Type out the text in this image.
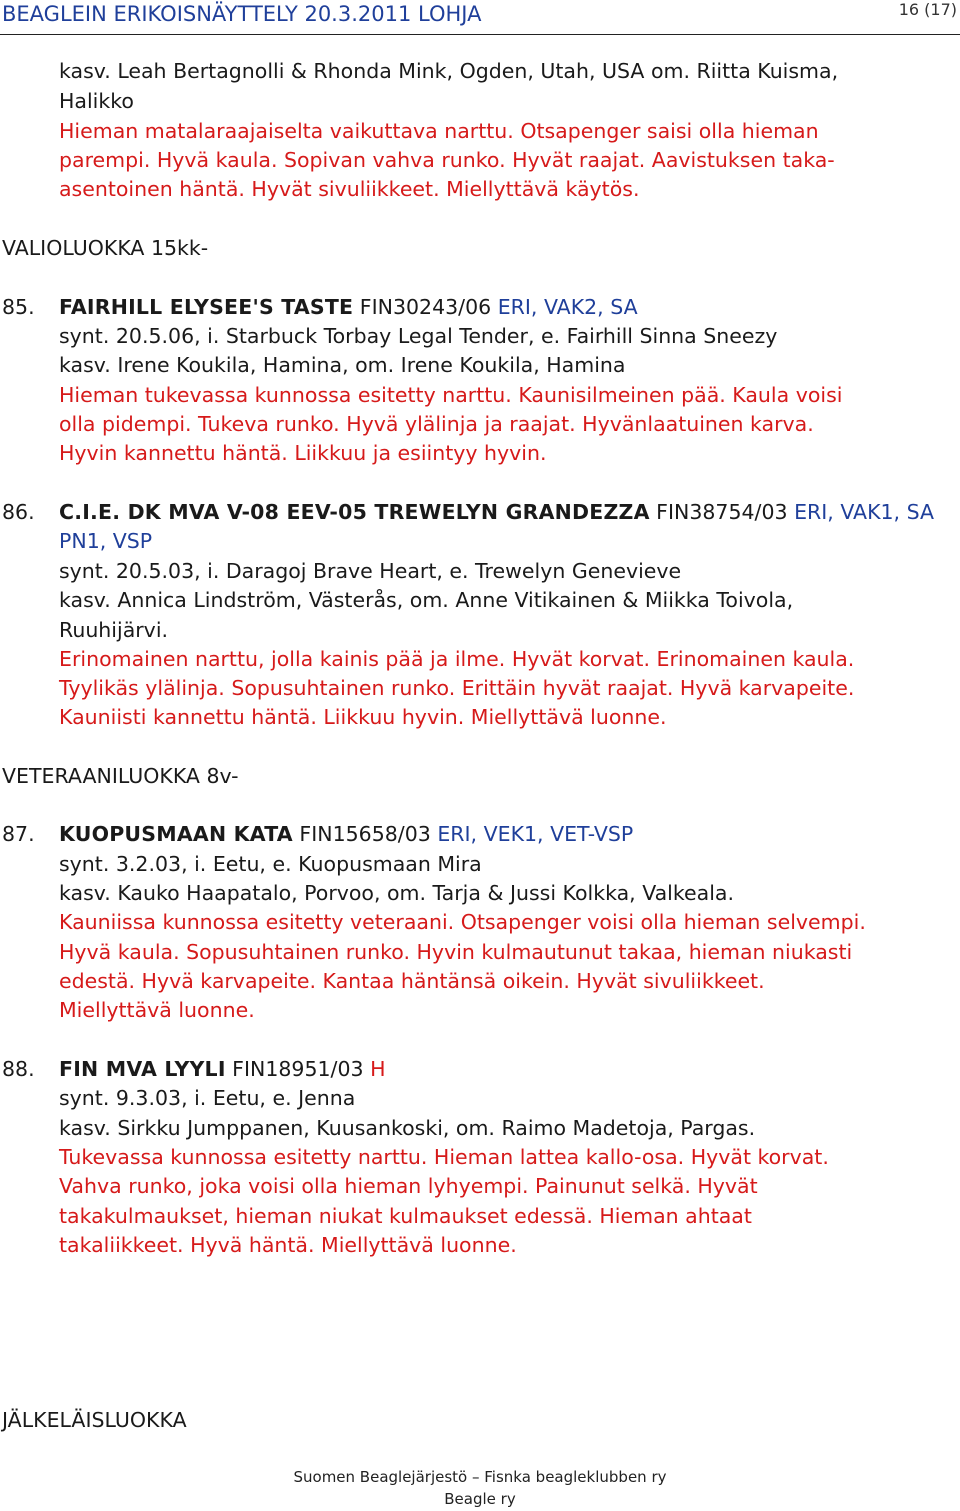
BEAGLEIN ERIKOISNÄYTTELY 20.3.2011 LOHJA	16 (17)
kasv. Leah Bertagnolli & Rhonda Mink, Ogden, Utah, USA om. Riitta Kuisma,
Halikko
Hieman matalaraajaiselta vaikuttava narttu. Otsapenger saisi olla hieman
parempi. Hyvä kaula. Sopivan vahva runko. Hyvät raajat. Aavistuksen taka-
asentoinen häntä. Hyvät sivuliikkeet. Miellyttävä käytös.
VALIOLUOKKA 15kk-
85. FAIRHILL ELYSEE'S TASTE FIN30243/06 ERI, VAK2, SA
synt. 20.5.06, i. Starbuck Torbay Legal Tender, e. Fairhill Sinna Sneezy
kasv. Irene Koukila, Hamina, om. Irene Koukila, Hamina
Hieman tukevassa kunnossa esitetty narttu. Kaunisilmeinen pää. Kaula voisi
olla pidempi. Tukeva runko. Hyvä ylälinja ja raajat. Hyvänlaatuinen karva.
Hyvin kannettu häntä. Liikkuu ja esiintyy hyvin.
86. C.I.E. DK MVA V-08 EEV-05 TREWELYN GRANDEZZA FIN38754/03 ERI, VAK1, SA
PN1, VSP
synt. 20.5.03, i. Daragoj Brave Heart, e. Trewelyn Genevieve
kasv. Annica Lindström, Västerås, om. Anne Vitikainen & Miikka Toivola,
Ruuhijärvi.
Erinomainen narttu, jolla kainis pää ja ilme. Hyvät korvat. Erinomainen kaula.
Tyylikäs ylälinja. Sopusuhtainen runko. Erittäin hyvät raajat. Hyvä karvapeite.
Kauniisti kannettu häntä. Liikkuu hyvin. Miellyttävä luonne.
VETERAANILUOKKA 8v-
87. KUOPUSMAAN KATA FIN15658/03 ERI, VEK1, VET-VSP
synt. 3.2.03, i. Eetu, e. Kuopusmaan Mira
kasv. Kauko Haapatalo, Porvoo, om. Tarja & Jussi Kolkka, Valkeala.
Kauniissa kunnossa esitetty veteraani. Otsapenger voisi olla hieman selvempi.
Hyvä kaula. Sopusuhtainen runko. Hyvin kulmautunut takaa, hieman niukasti
edestä. Hyvä karvapeite. Kantaa häntänsä oikein. Hyvät sivuliikkeet.
Miellyttävä luonne.
88. FIN MVA LYYLI FIN18951/03 H
synt. 9.3.03, i. Eetu, e. Jenna
kasv. Sirkku Jumppanen, Kuusankoski, om. Raimo Madetoja, Pargas.
Tukevassa kunnossa esitetty narttu. Hieman lattea kallo-osa. Hyvät korvat.
Vahva runko, joka voisi olla hieman lyhyempi. Painunut selkä. Hyvät
takakulmaukset, hieman niukat kulmaukset edessä. Hieman ahtaat
takaliikkeet. Hyvä häntä. Miellyttävä luonne.
JÄLKELÄISLUOKKA
Suomen Beaglejärjestö – Fisnka beagleklubben ry
Beagle ry
